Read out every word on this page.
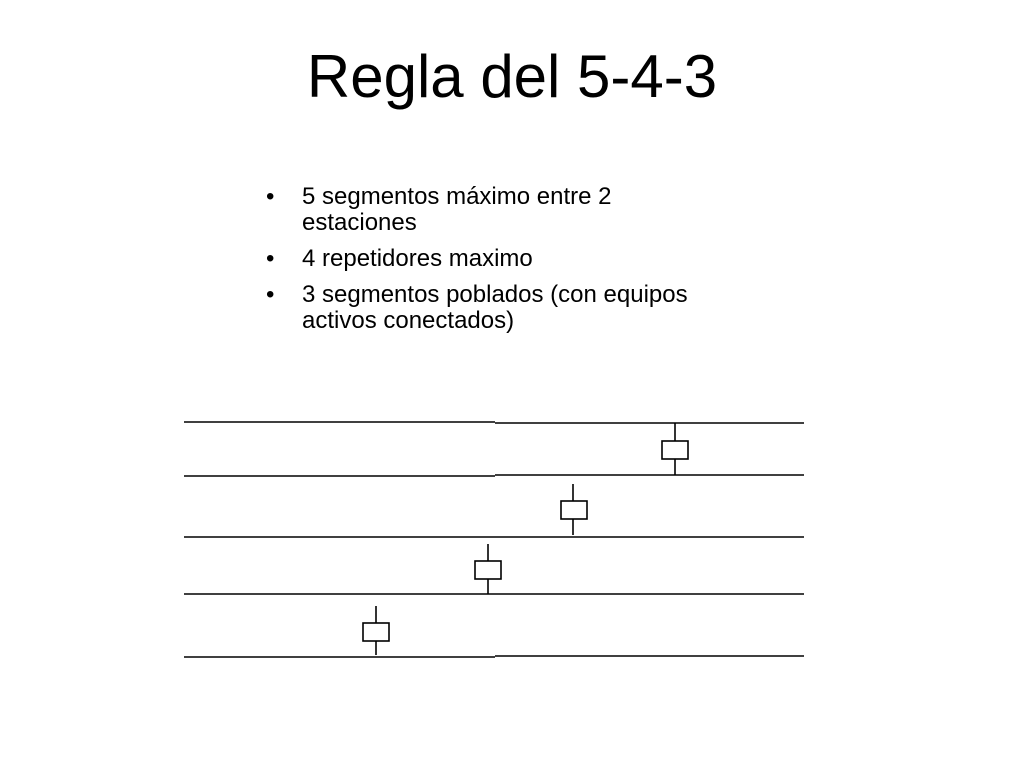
Regla del 5-4-3
• 5 segmentos máximo entre 2 estaciones
• 4 repetidores maximo
• 3 segmentos poblados (con equipos activos conectados)
